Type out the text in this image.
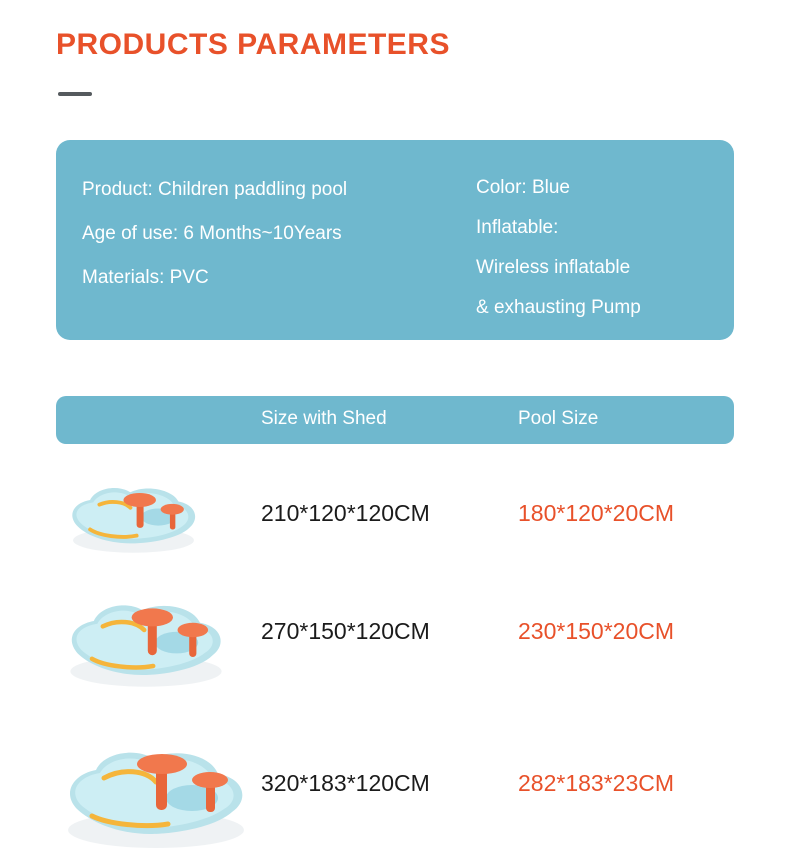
PRODUCTS PARAMETERS
Product: Children paddling pool
Age of use: 6 Months~10Years
Materials: PVC
Color: Blue
Inflatable:
Wireless inflatable
& exhausting Pump
Size with Shed	Pool Size
210*120*120CM	180*120*20CM
270*150*120CM	230*150*20CM
320*183*120CM	282*183*23CM
